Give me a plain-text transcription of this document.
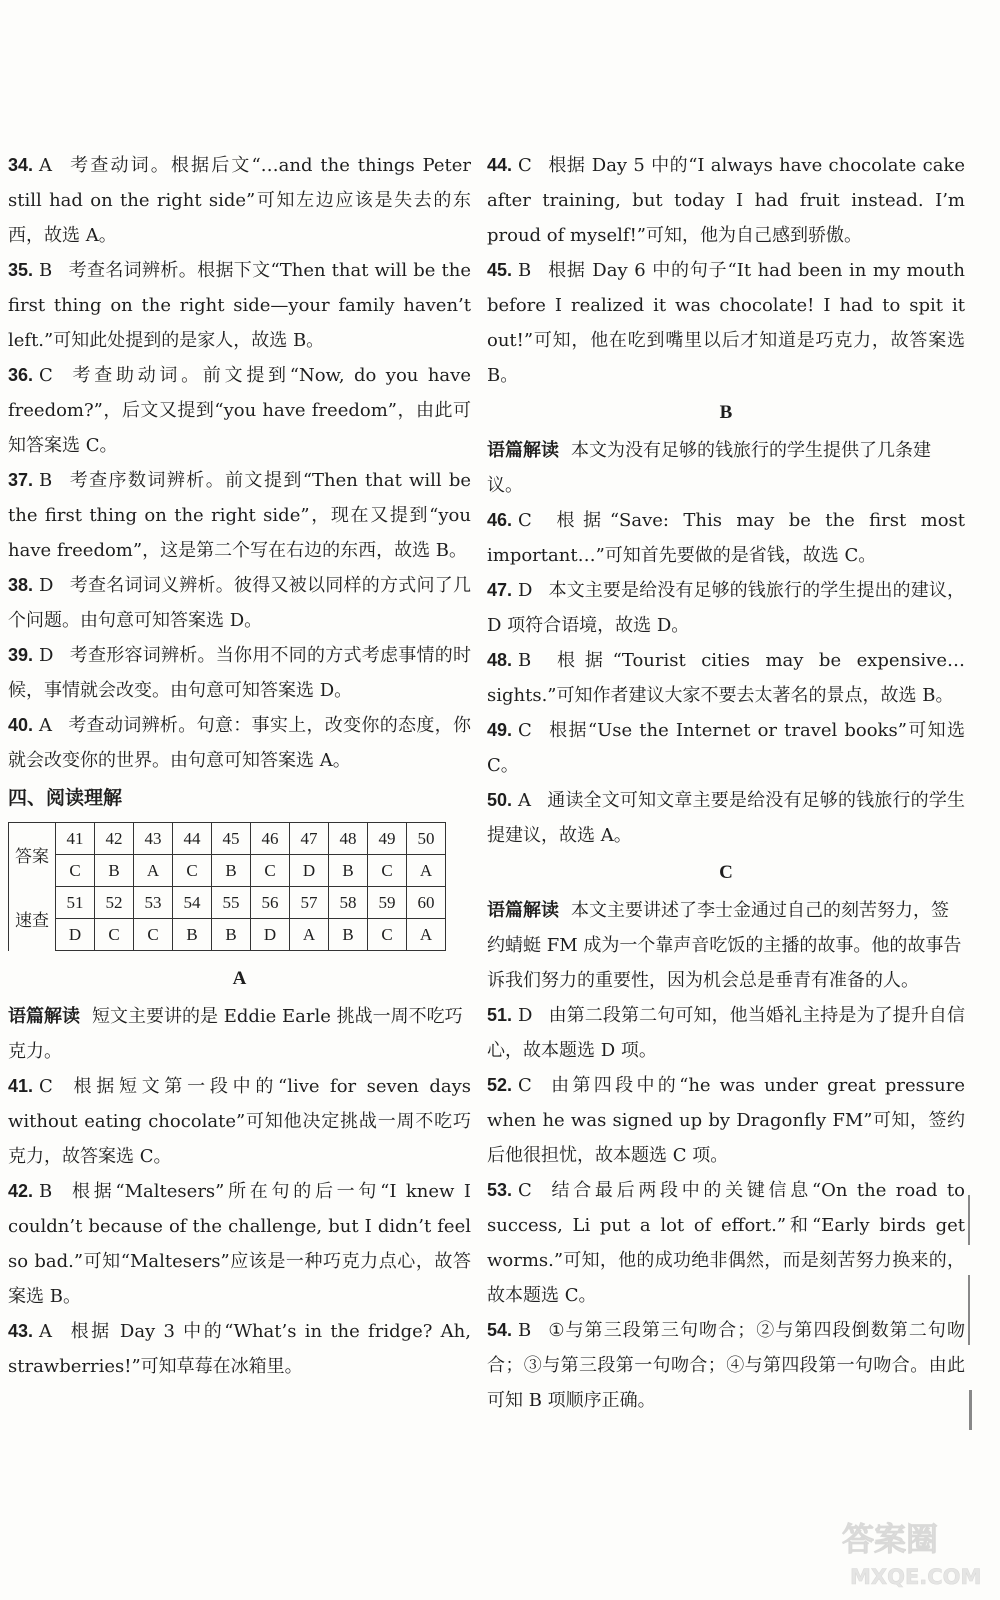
34. A 考查动词。根据后文“…and the things Peter still had on the right side”可知左边应该是失去的东西，故选 A。
35. B 考查名词辨析。根据下文“Then that will be the first thing on the right side—your family haven’t left.”可知此处提到的是家人，故选 B。
36. C 考查助动词。前文提到“Now, do you have freedom?”，后文又提到“you have freedom”，由此可知答案选 C。
37. B 考查序数词辨析。前文提到“Then that will be the first thing on the right side”，现在又提到“you have freedom”，这是第二个写在右边的东西，故选 B。
38. D 考查名词词义辨析。彼得又被以同样的方式问了几个问题。由句意可知答案选 D。
39. D 考查形容词辨析。当你用不同的方式考虑事情的时候，事情就会改变。由句意可知答案选 D。
40. A 考查动词辨析。句意：事实上，改变你的态度，你就会改变你的世界。由句意可知答案选 A。
四、阅读理解
答案	41	42	43	44	45	46	47	48	49	50
	C	B	A	C	B	C	D	B	C	A
速查	51	52	53	54	55	56	57	58	59	60
	D	C	C	B	B	D	A	B	C	A
A
语篇解读 短文主要讲的是 Eddie Earle 挑战一周不吃巧克力。
41. C 根据短文第一段中的“live for seven days without eating chocolate”可知他决定挑战一周不吃巧克力，故答案选 C。
42. B 根据“Maltesers”所在句的后一句“I knew I couldn’t because of the challenge, but I didn’t feel so bad.”可知“Maltesers”应该是一种巧克力点心，故答案选 B。
43. A 根据 Day 3 中的“What’s in the fridge? Ah, strawberries!”可知草莓在冰箱里。
44. C 根据 Day 5 中的“I always have chocolate cake after training, but today I had fruit instead. I’m proud of myself!”可知，他为自己感到骄傲。
45. B 根据 Day 6 中的句子“It had been in my mouth before I realized it was chocolate! I had to spit it out!”可知，他在吃到嘴里以后才知道是巧克力，故答案选 B。
B
语篇解读 本文为没有足够的钱旅行的学生提供了几条建议。
46. C 根据“Save: This may be the first most important…”可知首先要做的是省钱，故选 C。
47. D 本文主要是给没有足够的钱旅行的学生提出的建议，D 项符合语境，故选 D。
48. B 根据“Tourist cities may be expensive… sights.”可知作者建议大家不要去太著名的景点，故选 B。
49. C 根据“Use the Internet or travel books”可知选 C。
50. A 通读全文可知文章主要是给没有足够的钱旅行的学生提建议，故选 A。
C
语篇解读 本文主要讲述了李士金通过自己的刻苦努力，签约蜻蜓 FM 成为一个靠声音吃饭的主播的故事。他的故事告诉我们努力的重要性，因为机会总是垂青有准备的人。
51. D 由第二段第二句可知，他当婚礼主持是为了提升自信心，故本题选 D 项。
52. C 由第四段中的“he was under great pressure when he was signed up by Dragonfly FM”可知，签约后他很担忧，故本题选 C 项。
53. C 结合最后两段中的关键信息“On the road to success, Li put a lot of effort.”和“Early birds get worms.”可知，他的成功绝非偶然，而是刻苦努力换来的，故本题选 C。
54. B ①与第三段第三句吻合；②与第四段倒数第二句吻合；③与第三段第一句吻合；④与第四段第一句吻合。由此可知 B 项顺序正确。
答案圈
MXQE.COM
